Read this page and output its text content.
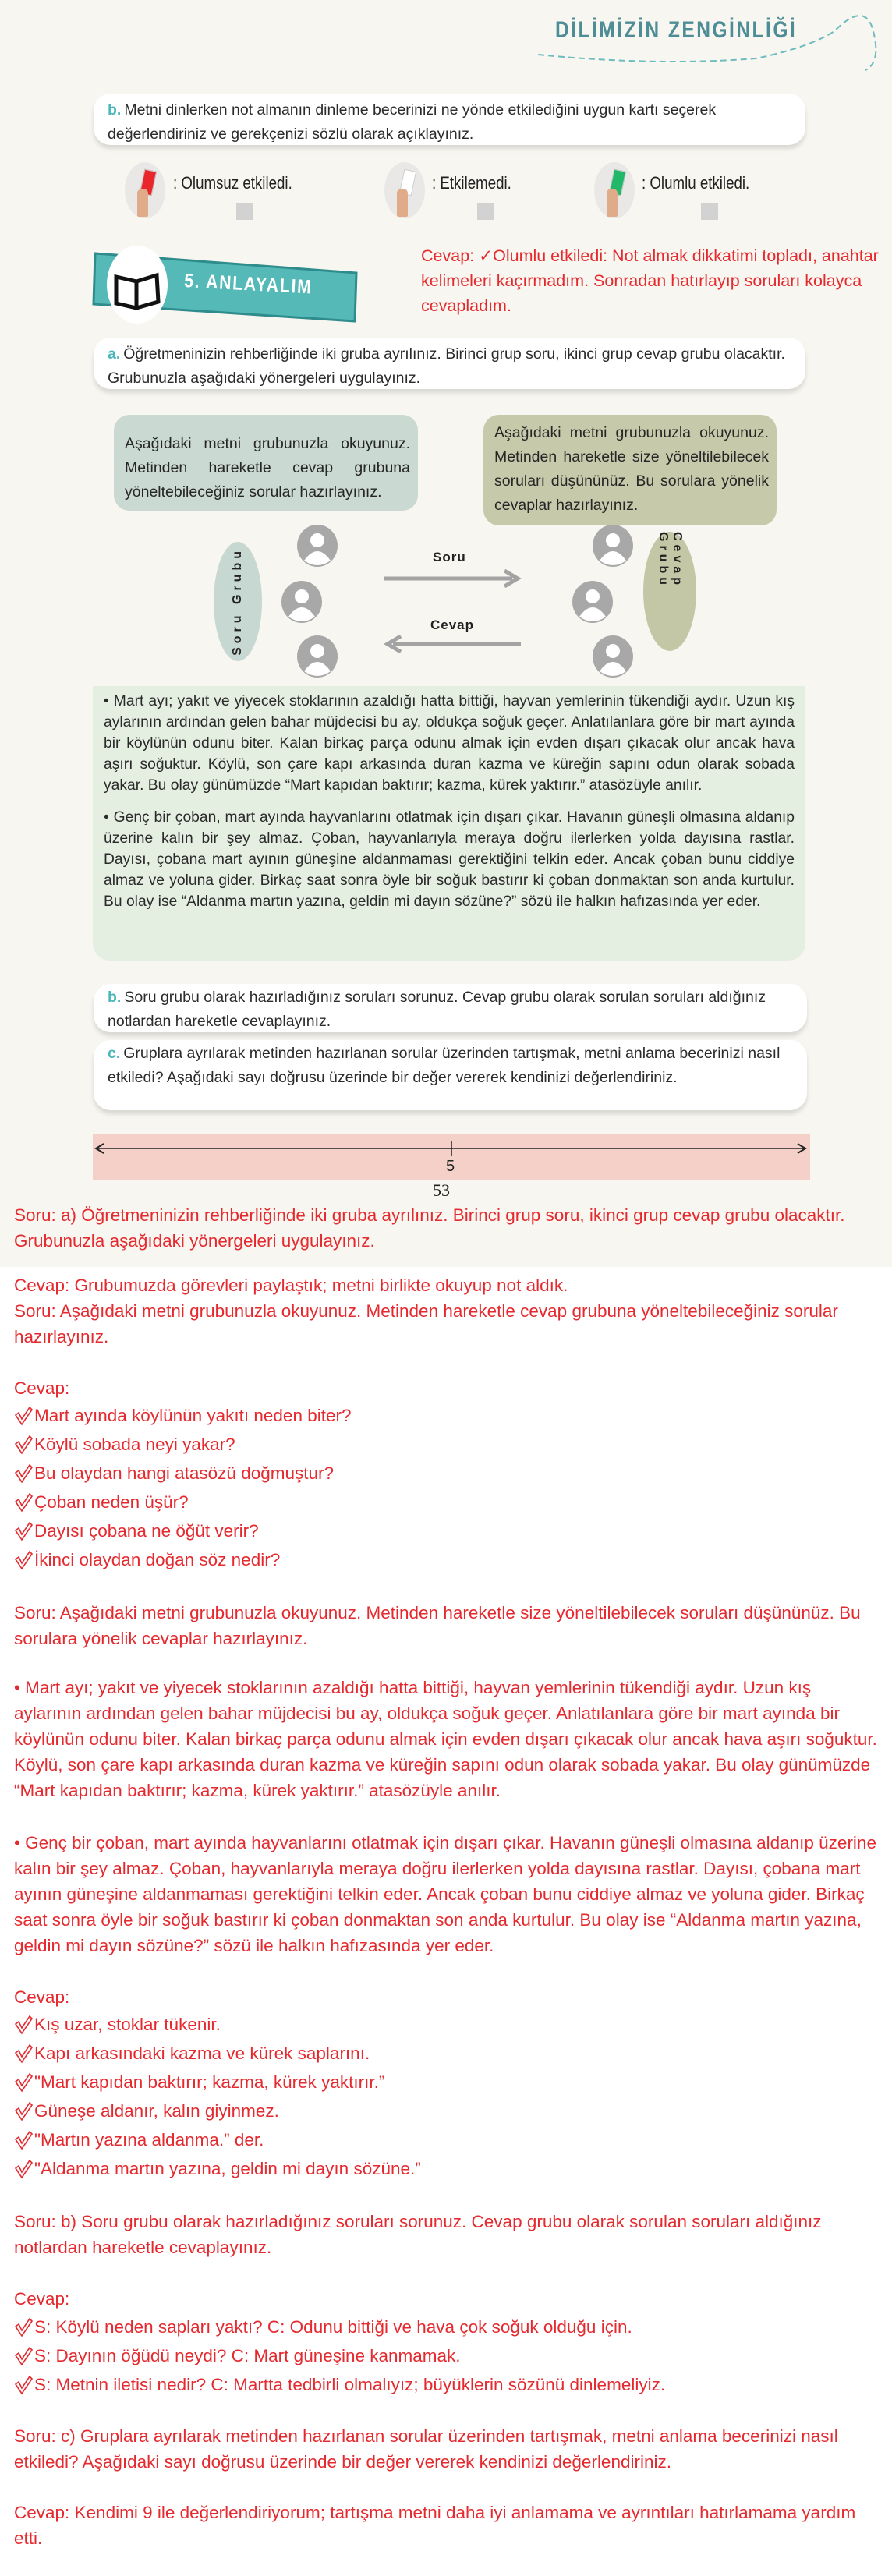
DİLİMİZİN ZENGİNLİĞİ
b. Metni dinlerken not almanın dinleme becerinizi ne yönde etkilediğini uygun kartı seçerek değerlendiriniz ve gerekçenizi sözlü olarak açıklayınız.
: Olumsuz etkiledi.	: Etkilemedi.	: Olumlu etkiledi.
5. ANLAYALIM
Cevap: ✓Olumlu etkiledi: Not almak dikkatimi topladı, anahtar kelimeleri kaçırmadım. Sonradan hatırlayıp soruları kolayca cevapladım.
a. Öğretmeninizin rehberliğinde iki gruba ayrılınız. Birinci grup soru, ikinci grup cevap grubu olacaktır. Grubunuzla aşağıdaki yönergeleri uygulayınız.
Aşağıdaki metni grubunuzla okuyunuz. Metinden hareketle cevap grubuna yöneltebileceğiniz sorular hazırlayınız.
Aşağıdaki metni grubunuzla okuyunuz. Metinden hareketle size yöneltilebilecek soruları düşününüz. Bu sorulara yönelik cevaplar hazırlayınız.
Soru Grubu	Cevap Grubu
Soru
Cevap

• Mart ayı; yakıt ve yiyecek stoklarının azaldığı hatta bittiği, hayvan yemlerinin tükendiği aydır. Uzun kış aylarının ardından gelen bahar müjdecisi bu ay, oldukça soğuk geçer. Anlatılanlara göre bir mart ayında bir köylünün odunu biter. Kalan birkaç parça odunu almak için evden dışarı çıkacak olur ancak hava aşırı soğuktur. Köylü, son çare kapı arkasında duran kazma ve küreğin sapını odun olarak sobada yakar. Bu olay günümüzde “Mart kapıdan baktırır; kazma, kürek yaktırır.” atasözüyle anılır.

• Genç bir çoban, mart ayında hayvanlarını otlatmak için dışarı çıkar. Havanın güneşli olmasına aldanıp üzerine kalın bir şey almaz. Çoban, hayvanlarıyla meraya doğru ilerlerken yolda dayısına rastlar. Dayısı, çobana mart ayının güneşine aldanmaması gerektiğini telkin eder. Ancak çoban bunu ciddiye almaz ve yoluna gider. Birkaç saat sonra öyle bir soğuk bastırır ki çoban donmaktan son anda kurtulur. Bu olay ise “Aldanma martın yazına, geldin mi dayın sözüne?” sözü ile halkın hafızasında yer eder.

b. Soru grubu olarak hazırladığınız soruları sorunuz. Cevap grubu olarak sorulan soruları aldığınız notlardan hareketle cevaplayınız.
c. Gruplara ayrılarak metinden hazırlanan sorular üzerinden tartışmak, metni anlama becerinizi nasıl etkiledi? Aşağıdaki sayı doğrusu üzerinde bir değer vererek kendinizi değerlendiriniz.
5
53
Soru: a) Öğretmeninizin rehberliğinde iki gruba ayrılınız. Birinci grup soru, ikinci grup cevap grubu olacaktır. Grubunuzla aşağıdaki yönergeleri uygulayınız.
Cevap: Grubumuzda görevleri paylaştık; metni birlikte okuyup not aldık.
Soru: Aşağıdaki metni grubunuzla okuyunuz. Metinden hareketle cevap grubuna yöneltebileceğiniz sorular hazırlayınız.
Cevap:
Mart ayında köylünün yakıtı neden biter?
Köylü sobada neyi yakar?
Bu olaydan hangi atasözü doğmuştur?
Çoban neden üşür?
Dayısı çobana ne öğüt verir?
İkinci olaydan doğan söz nedir?
Soru: Aşağıdaki metni grubunuzla okuyunuz. Metinden hareketle size yöneltilebilecek soruları düşününüz. Bu sorulara yönelik cevaplar hazırlayınız.
• Mart ayı; yakıt ve yiyecek stoklarının azaldığı hatta bittiği, hayvan yemlerinin tükendiği aydır. Uzun kış aylarının ardından gelen bahar müjdecisi bu ay, oldukça soğuk geçer. Anlatılanlara göre bir mart ayında bir köylünün odunu biter. Kalan birkaç parça odunu almak için evden dışarı çıkacak olur ancak hava aşırı soğuktur. Köylü, son çare kapı arkasında duran kazma ve küreğin sapını odun olarak sobada yakar. Bu olay günümüzde “Mart kapıdan baktırır; kazma, kürek yaktırır.” atasözüyle anılır.
• Genç bir çoban, mart ayında hayvanlarını otlatmak için dışarı çıkar. Havanın güneşli olmasına aldanıp üzerine kalın bir şey almaz. Çoban, hayvanlarıyla meraya doğru ilerlerken yolda dayısına rastlar. Dayısı, çobana mart ayının güneşine aldanmaması gerektiğini telkin eder. Ancak çoban bunu ciddiye almaz ve yoluna gider. Birkaç saat sonra öyle bir soğuk bastırır ki çoban donmaktan son anda kurtulur. Bu olay ise “Aldanma martın yazına, geldin mi dayın sözüne?” sözü ile halkın hafızasında yer eder.
Cevap:
Kış uzar, stoklar tükenir.
Kapı arkasındaki kazma ve kürek saplarını.
"Mart kapıdan baktırır; kazma, kürek yaktırır.”
Güneşe aldanır, kalın giyinmez.
"Martın yazına aldanma.” der.
"Aldanma martın yazına, geldin mi dayın sözüne.”
Soru: b) Soru grubu olarak hazırladığınız soruları sorunuz. Cevap grubu olarak sorulan soruları aldığınız notlardan hareketle cevaplayınız.
Cevap:
S: Köylü neden sapları yaktı? C: Odunu bittiği ve hava çok soğuk olduğu için.
S: Dayının öğüdü neydi? C: Mart güneşine kanmamak.
S: Metnin iletisi nedir? C: Martta tedbirli olmalıyız; büyüklerin sözünü dinlemeliyiz.
Soru: c) Gruplara ayrılarak metinden hazırlanan sorular üzerinden tartışmak, metni anlama becerinizi nasıl etkiledi? Aşağıdaki sayı doğrusu üzerinde bir değer vererek kendinizi değerlendiriniz.
Cevap: Kendimi 9 ile değerlendiriyorum; tartışma metni daha iyi anlamama ve ayrıntıları hatırlamama yardım etti.
